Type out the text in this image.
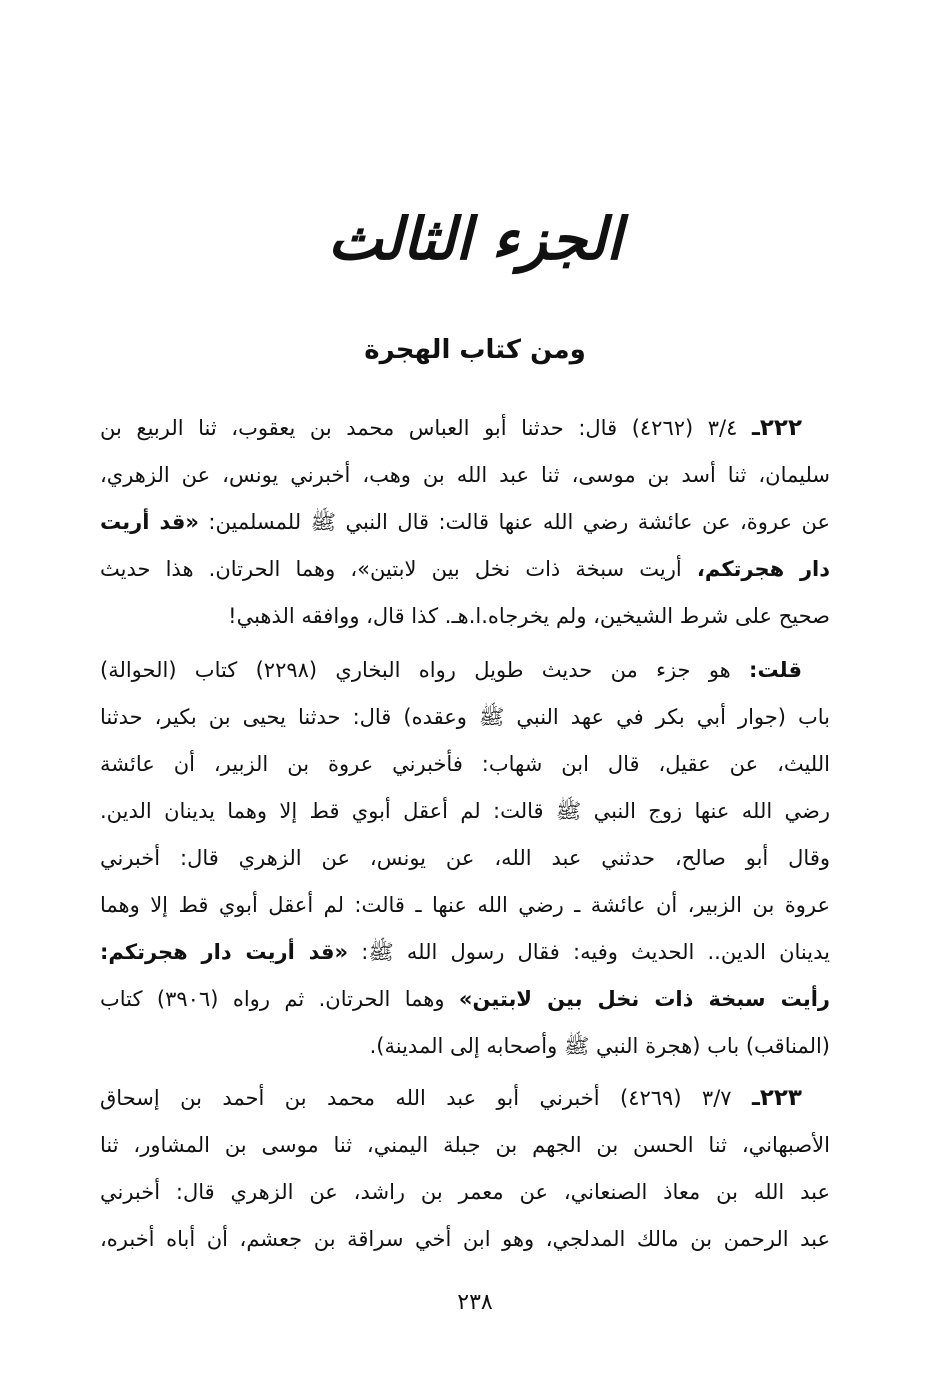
الجزء الثالث
ومن كتاب الهجرة
٢٢٢ـ ٣/٤ (٤٢٦٢) قال: حدثنا أبو العباس محمد بن يعقوب، ثنا الربيع بن
سليمان، ثنا أسد بن موسى، ثنا عبد الله بن وهب، أخبرني يونس، عن الزهري،
عن عروة، عن عائشة رضي الله عنها قالت: قال النبي ﷺ للمسلمين: «قد أريت
دار هجرتكم، أريت سبخة ذات نخل بين لابتين»، وهما الحرتان. هذا حديث
صحيح على شرط الشيخين، ولم يخرجاه.ا.هـ. كذا قال، ووافقه الذهبي!
قلت: هو جزء من حديث طويل رواه البخاري (٢٢٩٨) كتاب (الحوالة)
باب (جوار أبي بكر في عهد النبي ﷺ وعقده) قال: حدثنا يحيى بن بكير، حدثنا
الليث، عن عقيل، قال ابن شهاب: فأخبرني عروة بن الزبير، أن عائشة
رضي الله عنها زوج النبي ﷺ قالت: لم أعقل أبوي قط إلا وهما يدينان الدين.
وقال أبو صالح، حدثني عبد الله، عن يونس، عن الزهري قال: أخبرني
عروة بن الزبير، أن عائشة ـ رضي الله عنها ـ قالت: لم أعقل أبوي قط إلا وهما
يدينان الدين.. الحديث وفيه: فقال رسول الله ﷺ: «قد أريت دار هجرتكم:
رأيت سبخة ذات نخل بين لابتين» وهما الحرتان. ثم رواه (٣٩٠٦) كتاب
(المناقب) باب (هجرة النبي ﷺ وأصحابه إلى المدينة).
٢٢٣ـ ٣/٧ (٤٢٦٩) أخبرني أبو عبد الله محمد بن أحمد بن إسحاق
الأصبهاني، ثنا الحسن بن الجهم بن جبلة اليمني، ثنا موسى بن المشاور، ثنا
عبد الله بن معاذ الصنعاني، عن معمر بن راشد، عن الزهري قال: أخبرني
عبد الرحمن بن مالك المدلجي، وهو ابن أخي سراقة بن جعشم، أن أباه أخبره،
٢٣٨
